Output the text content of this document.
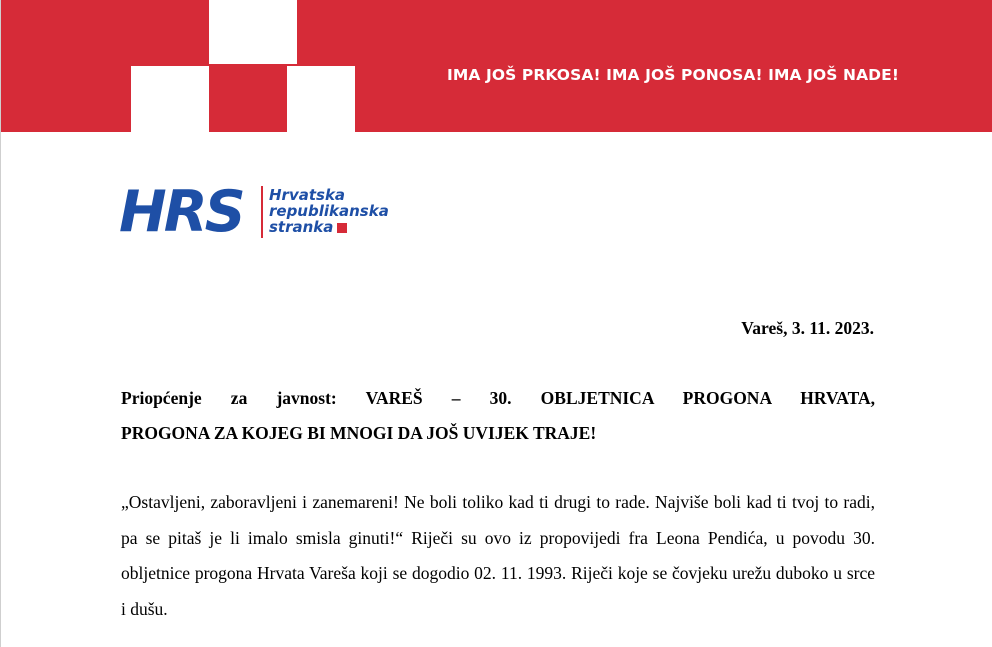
IMA JOŠ PRKOSA! IMA JOŠ PONOSA! IMA JOŠ NADE!
HRS Hrvatska
republikanska
stranka
Vareš, 3. 11. 2023.
Priopćenje za javnost: VAREŠ – 30. OBLJETNICA PROGONA HRVATA,
PROGONA ZA KOJEG BI MNOGI DA JOŠ UVIJEK TRAJE!
„Ostavljeni, zaboravljeni i zanemareni! Ne boli toliko kad ti drugi to rade. Najviše boli kad ti tvoj to radi, pa se pitaš je li imalo smisla ginuti!“ Riječi su ovo iz propovijedi fra Leona Pendića, u povodu 30. obljetnice progona Hrvata Vareša koji se dogodio 02. 11. 1993. Riječi koje se čovjeku urežu duboko u srce i dušu.
